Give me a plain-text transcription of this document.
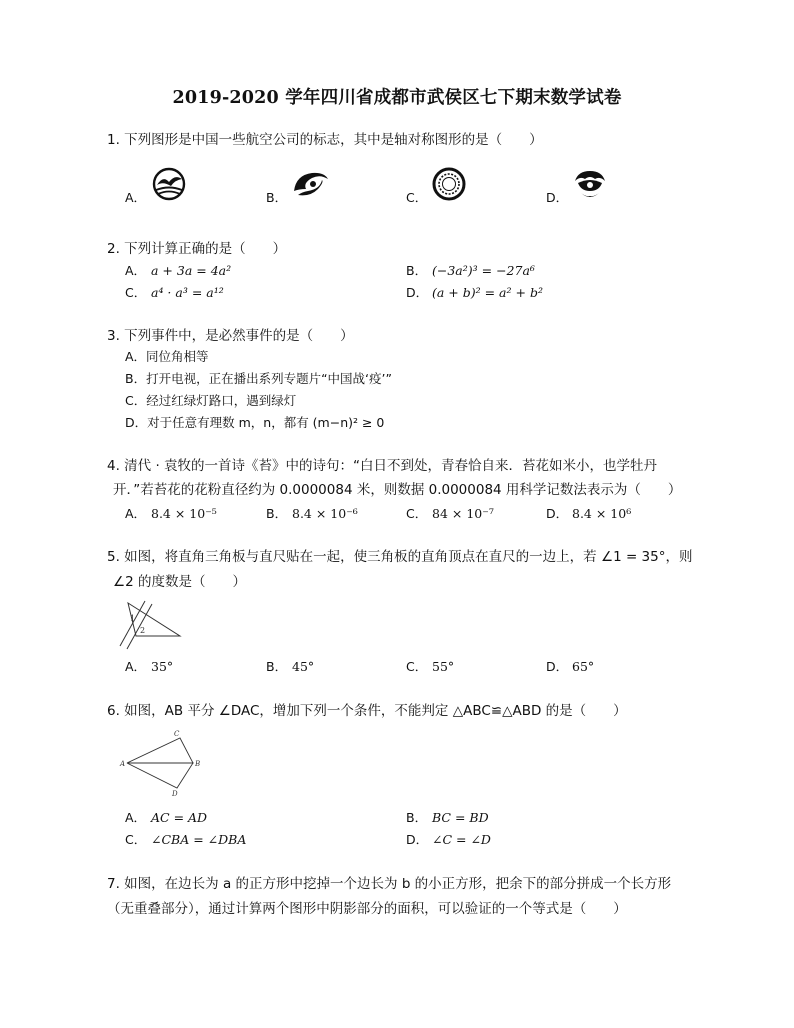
2019-2020 学年四川省成都市武侯区七下期末数学试卷
1. 下列图形是中国一些航空公司的标志，其中是轴对称图形的是（　　）
A．	B．	C．	D．
2. 下列计算正确的是（　　）
A． a + 3a = 4a²	B． (−3a²)³ = −27a⁶
C． a⁴ · a³ = a¹²	D． (a + b)² = a² + b²
3. 下列事件中，是必然事件的是（　　）
A．同位角相等
B．打开电视，正在播出系列专题片“中国战‘疫’”
C．经过红绿灯路口，遇到绿灯
D．对于任意有理数 m，n，都有 (m−n)² ≥ 0
4. 清代 · 袁牧的一首诗《苔》中的诗句：“白日不到处，青春恰自来．苔花如米小，也学牡丹
开．”若苔花的花粉直径约为 0.0000084 米，则数据 0.0000084 用科学记数法表示为（　　）
A． 8.4 × 10⁻⁵	B． 8.4 × 10⁻⁶	C． 84 × 10⁻⁷	D． 8.4 × 10⁶
5. 如图，将直角三角板与直尺贴在一起，使三角板的直角顶点在直尺的一边上，若 ∠1 = 35°，则
∠2 的度数是（　　）
1
2
A． 35°	B． 45°	C． 55°	D． 65°
6. 如图，AB 平分 ∠DAC，增加下列一个条件，不能判定 △ABC≌△ABD 的是（　　）
A	B
C
D
A． AC = AD	B． BC = BD
C． ∠CBA = ∠DBA	D． ∠C = ∠D
7. 如图，在边长为 a 的正方形中挖掉一个边长为 b 的小正方形，把余下的部分拼成一个长方形
（无重叠部分），通过计算两个图形中阴影部分的面积，可以验证的一个等式是（　　）
